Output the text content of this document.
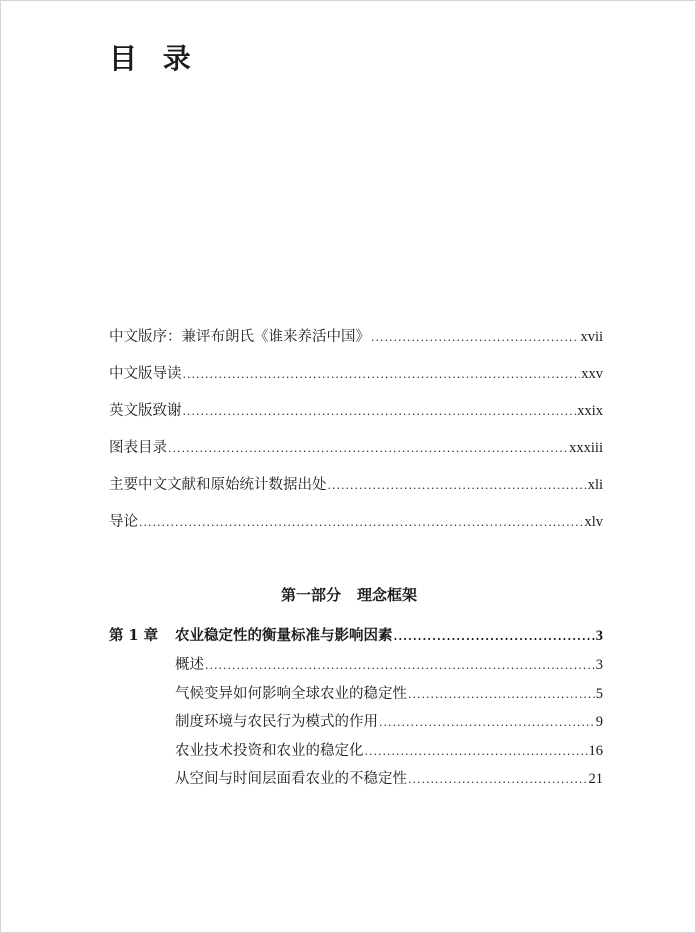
目 录
中文版序：兼评布朗氏《谁来养活中国》 .....	xvii
中文版导读 .....	xxv
英文版致谢 .....	xxix
图表目录 .....	xxxiii
主要中文文献和原始统计数据出处 .....	xli
导论 .....	xlv
第一部分 理念框架
第 1 章	农业稳定性的衡量标准与影响因素 .....	3
概述 .....	3
气候变异如何影响全球农业的稳定性 .....	5
制度环境与农民行为模式的作用 .....	9
农业技术投资和农业的稳定化 .....	16
从空间与时间层面看农业的不稳定性 .....	21
